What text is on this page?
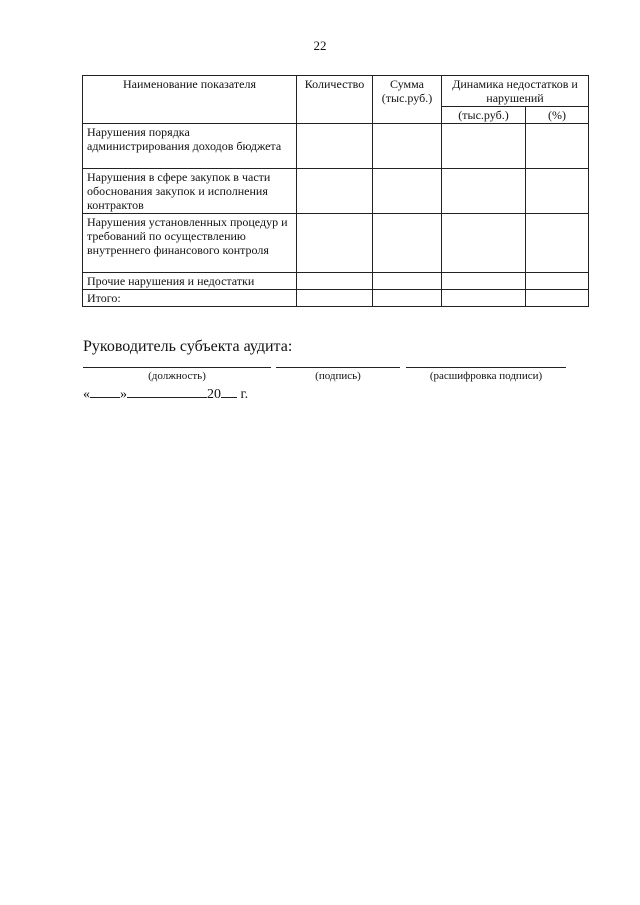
22
Наименование показателя	Количество	Сумма (тыс.руб.)	Динамика недостатков и нарушений	
			(тыс.руб.)	(%)
Нарушения порядка администрирования доходов бюджета				
Нарушения в сфере закупок в части обоснования закупок и исполнения контрактов				
Нарушения установленных процедур и требований по осуществлению внутреннего финансового контроля				
Прочие нарушения и недостатки				
Итого:				
Руководитель субъекта аудита:
(должность)	(подпись)	(расшифровка подписи)
« »	20 г.
